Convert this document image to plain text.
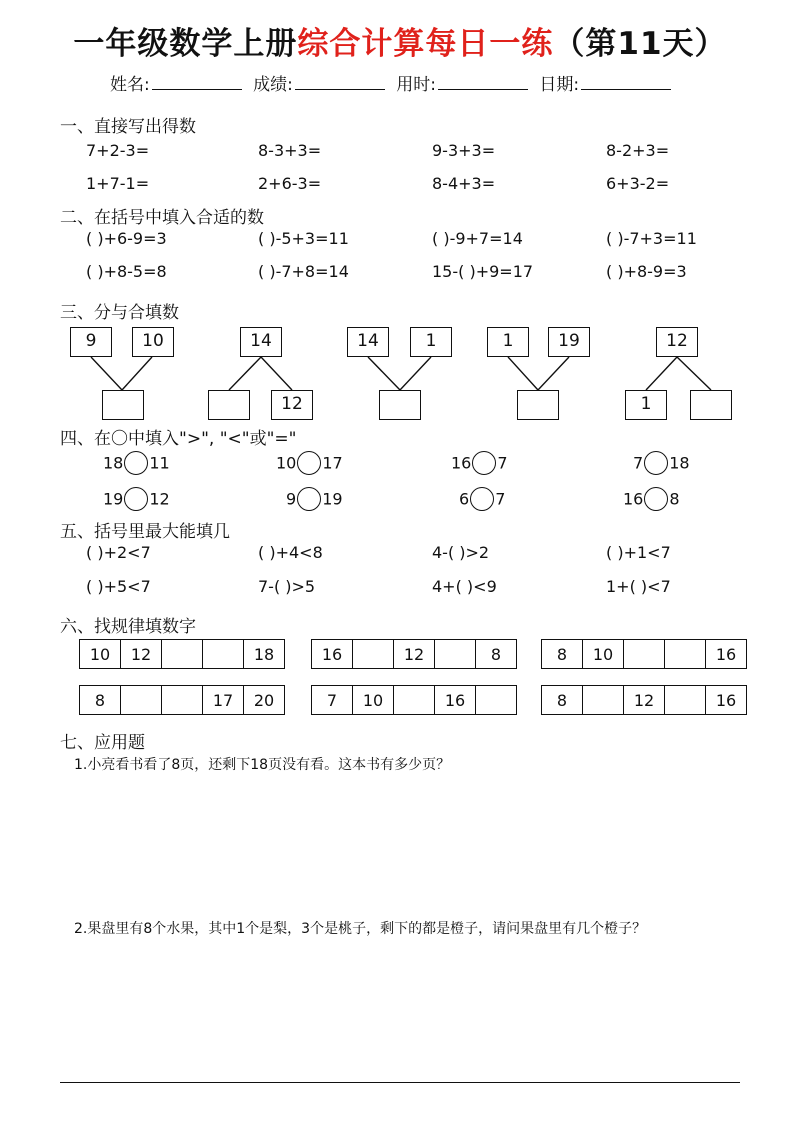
一年级数学上册综合计算每日一练（第11天）
姓名:	成绩:	用时:	日期:
一、直接写出得数
7+2-3=	8-3+3=	9-3+3=	8-2+3=
1+7-1=	2+6-3=	8-4+3=	6+3-2=
二、在括号中填入合适的数
( )+6-9=3	( )-5+3=11	( )-9+7=14	( )-7+3=11
( )+8-5=8	( )-7+8=14	15-( )+9=17	( )+8-9=3
三、分与合填数
9	10	14
12
14	1	1	19	12
1
四、在〇中填入">", "<"或"="
18 11	10 17	16 7	7 18
19 12	9 19	6 7	16 8
五、括号里最大能填几
( )+2<7	( )+4<8	4-( )>2	( )+1<7
( )+5<7	7-( )>5	4+( )<9	1+( )<7
六、找规律填数字
10	12			18	16		12		8	8	10			16
8			17	20	7	10		16		8		12		16
七、应用题
1.小亮看书看了8页，还剩下18页没有看。这本书有多少页？
2.果盘里有8个水果，其中1个是梨，3个是桃子，剩下的都是橙子，请问果盘里有几个橙子？
